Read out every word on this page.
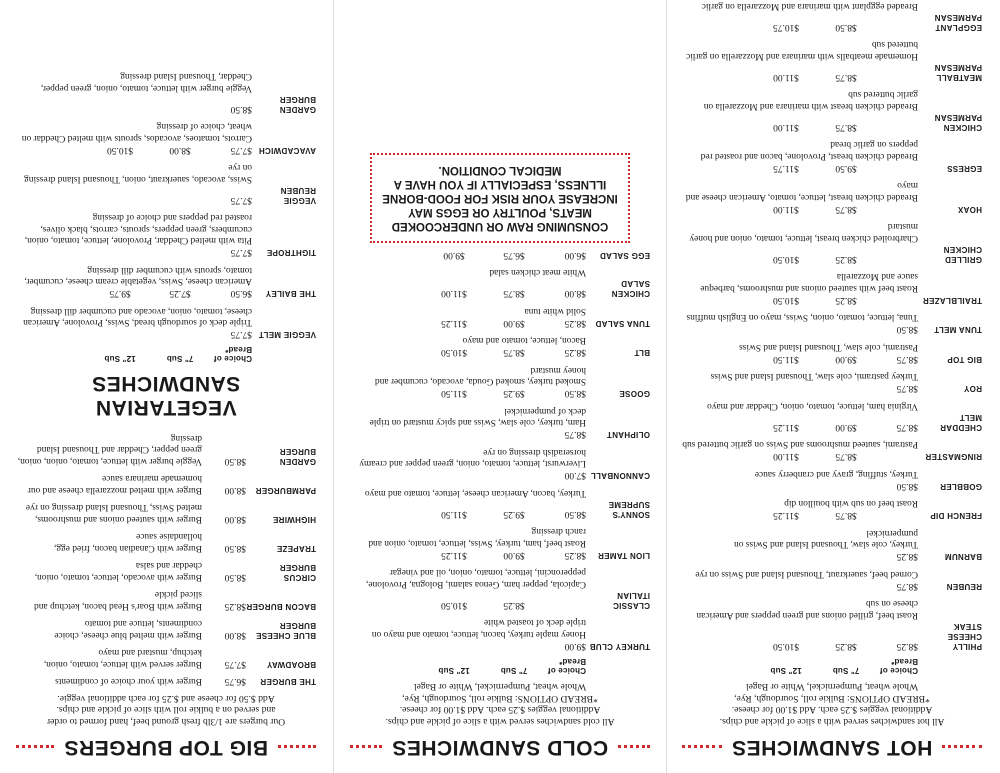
HOT SANDWICHES
All hot sandwiches served with a slice of pickle and chips.
Additional veggies $.25 each. Add $1.00 for cheese.
*BREAD OPTIONS: Bulkie roll, Sourdough, Rye,
Whole wheat, Pumpernickel, White or Bagel
Choice of Bread*
7" Sub
12" Sub
PHILLY CHEESE STEAK
$8.25
$8.25
$10.50
Roast beef, grilled onions and green peppers and American cheese on sub
REUBEN
$8.75
Corned beef, sauerkraut, Thousand Island and Swiss on rye
BARNUM
$8.25
Turkey, cole slaw, Thousand Island and Swiss on pumpernickel
FRENCH DIP
$8.75
$11.25
Roast beef on sub with bouillon dip
GOBBLER
$8.50
Turkey, stuffing, gravy and cranberry sauce
RINGMASTER
$8.75
$11.00
Pastrami, sauteed mushrooms and Swiss on garlic buttered sub
CHEDDAR MELT
$8.75
$9.00
$11.25
Virginia ham, lettuce, tomato, onion, Cheddar and mayo
ROY
$8.75
Turkey pastrami, cole slaw, Thousand Island and Swiss
BIG TOP
$8.75
$9.00
$11.50
Pastrami, cole slaw, Thousand Island and Swiss
TUNA MELT
$8.50
Tuna, lettuce, tomato, onion, Swiss, mayo on English muffins
TRAILBLAZER
$8.25
$10.50
Roast beef with sauteed onions and mushrooms, barbeque sauce and Mozzarella
GRILLED CHICKEN
$8.25
$10.50
Charbroiled chicken breast, lettuce, tomato, onion and honey mustard
HOAX
$8.75
$11.00
Breaded chicken breast, lettuce, tomato, American cheese and mayo
EGRESS
$9.50
$11.75
Breaded chicken breast, Provolone, bacon and roasted red peppers on garlic bread
CHICKEN PARMESAN
$8.75
$11.00
Breaded chicken breast with marinara and Mozzarella on garlic buttered sub
MEATBALL PARMESAN
$8.75
$11.00
Homemade meatballs with marinara and Mozzarella on garlic buttered sub
EGGPLANT PARMESAN
$8.50
$10.75
Breaded eggplant with marinara and Mozzarella on garlic
COLD SANDWICHES
All cold sandwiches served with a slice of pickle and chips.
Additional veggies $.25 each. Add $1.00 for cheese.
*BREAD OPTIONS: Bulkie roll, Sourdough, Rye,
Whole wheat, Pumpernickel, White or Bagel
Choice of Bread*
7" Sub
12" Sub
TURKEY CLUB
$9.00
Honey maple turkey, bacon, lettuce, tomato and mayo on triple deck of toasted white
CLASSIC ITALIAN
$8.25
$10.50
Capicola, pepper ham, Genoa salami, Bologna, Provolone, pepperoncini, lettuce, tomato, onion, oil and vinegar
LION TAMER
$8.25
$9.00
$11.25
Roast beef, ham, turkey, Swiss, lettuce, tomato, onion and ranch dressing
SONNY'S SUPREME
$8.50
$9.25
$11.50
Turkey, bacon, American cheese, lettuce, tomato and mayo
CANNONBALL
$7.00
Liverwurst, lettuce, tomato, onion, green pepper and creamy horseradish dressing on rye
OLIPHANT
$8.75
Ham, turkey, cole slaw, Swiss and spicy mustard on triple deck of pumpernickel
GOOSE
$8.50
$9.25
$11.50
Smoked turkey, smoked Gouda, avocado, cucumber and honey mustard
BLT
$8.25
$8.75
$10.50
Bacon, lettuce, tomato and mayo
TUNA SALAD
$8.25
$9.00
$11.25
Solid white tuna
CHICKEN SALAD
$8.00
$8.75
$11.00
White meat chicken salad
EGG SALAD
$6.00
$6.75
$9.00
CONSUMING RAW OR UNDERCOOKED MEATS, POULTRY OR EGGS MAY INCREASE YOUR RISK FOR FOOD-BORNE ILLNESS, ESPECIALLY IF YOU HAVE A MEDICAL CONDITION.
BIG TOP BURGERS
Our burgers are 1/3lb fresh ground beef, hand formed to order
and served on a bulkie roll with slice of pickle and chips.
Add $.50 for cheese and $.25 for each additional veggie.
THE BURGER
$6.75
Burger with your choice of condiments
BROADWAY
$7.75
Burger served with lettuce, tomato, onion, ketchup, mustard and mayo
BLUE CHEESE BURGER
$8.00
Burger with melted blue cheese, choice condiments, lettuce and tomato
BACON BURGER
$8.25
Burger with Boar's Head bacon, ketchup and sliced pickle
CIRCUS BURGER
$8.50
Burger with avocado, lettuce, tomato, onion, cheddar and salsa
TRAPEZE
$8.50
Burger with Canadian bacon, fried egg, hollandaise sauce
HIGHWIRE
$8.00
Burger with sauteed onions and mushrooms, melted Swiss, Thousand Island dressing on rye
PARMBURGER
$8.00
Burger with melted mozzarella cheese and our homemade marinara sauce
GARDEN BURGER
$8.50
Veggie burger with lettuce, tomato, onion, onion, green pepper, Cheddar and Thousand Island dressing
VEGETARIAN SANDWICHES
Choice of Bread*
7" Sub
12" Sub
VEGGIE MELT
$7.75
Triple deck of sourdough bread, Swiss, Provolone, American cheese, tomato, onion, avocado and cucumber dill dressing
THE BAILEY
$6.50
$7.25
$9.75
American cheese, Swiss, vegetable cream cheese, cucumber, tomato, sprouts with cucumber dill dressing
TIGHTROPE
$7.75
Pita with melted Cheddar, Provolone, lettuce, tomato, onion, cucumbers, green peppers, sprouts, carrots, black olives, roasted red peppers and choice of dressing
VEGGIE REUBEN
$7.75
Swiss, avocado, sauerkraut, onion, Thousand Island dressing on rye
AVACADWICH
$7.75
$8.00
$10.50
Carrots, tomatoes, avocados, sprouts with melted Cheddar on wheat, choice of dressing
GARDEN BURGER
$8.50
Veggie burger with lettuce, tomato, onion, green pepper, Cheddar, Thousand Island dressing
